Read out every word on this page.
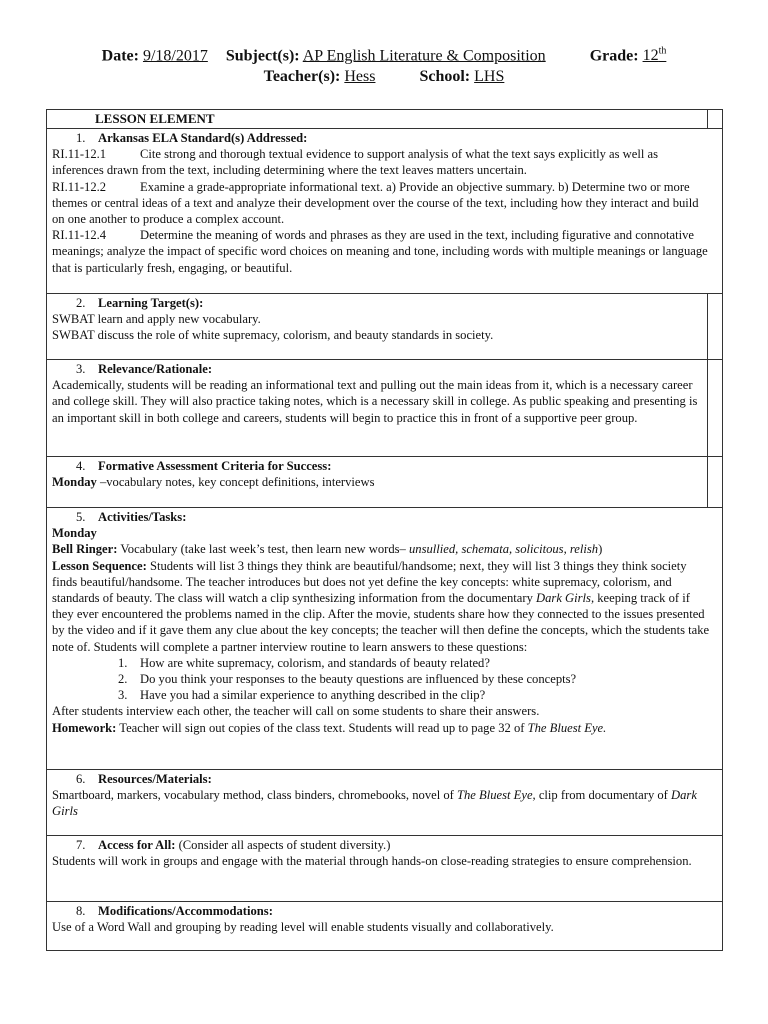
Date: 9/18/2017 Subject(s): AP English Literature & Composition	Grade: 12th
Teacher(s): Hess	School: LHS
LESSON ELEMENT
1. Arkansas ELA Standard(s) Addressed:
RI.11-12.1	Cite strong and thorough textual evidence to support analysis of what the text says explicitly as well as inferences drawn from the text, including determining where the text leaves matters uncertain.
RI.11-12.2	Examine a grade-appropriate informational text. a) Provide an objective summary. b) Determine two or more themes or central ideas of a text and analyze their development over the course of the text, including how they interact and build on one another to produce a complex account.
RI.11-12.4	Determine the meaning of words and phrases as they are used in the text, including figurative and connotative meanings; analyze the impact of specific word choices on meaning and tone, including words with multiple meanings or language that is particularly fresh, engaging, or beautiful.
2. Learning Target(s):
SWBAT learn and apply new vocabulary.
SWBAT discuss the role of white supremacy, colorism, and beauty standards in society.
3. Relevance/Rationale:
Academically, students will be reading an informational text and pulling out the main ideas from it, which is a necessary career and college skill. They will also practice taking notes, which is a necessary skill in college. As public speaking and presenting is an important skill in both college and careers, students will begin to practice this in front of a supportive peer group.
4. Formative Assessment Criteria for Success:
Monday –vocabulary notes, key concept definitions, interviews
5. Activities/Tasks:
Monday
Bell Ringer: Vocabulary (take last week’s test, then learn new words– unsullied, schemata, solicitous, relish)
Lesson Sequence: Students will list 3 things they think are beautiful/handsome; next, they will list 3 things they think society finds beautiful/handsome. The teacher introduces but does not yet define the key concepts: white supremacy, colorism, and standards of beauty. The class will watch a clip synthesizing information from the documentary Dark Girls, keeping track of if they ever encountered the problems named in the clip. After the movie, students share how they connected to the issues presented by the video and if it gave them any clue about the key concepts; the teacher will then define the concepts, which the students take note of. Students will complete a partner interview routine to learn answers to these questions:
1. How are white supremacy, colorism, and standards of beauty related?
2. Do you think your responses to the beauty questions are influenced by these concepts?
3. Have you had a similar experience to anything described in the clip?
After students interview each other, the teacher will call on some students to share their answers.
Homework: Teacher will sign out copies of the class text. Students will read up to page 32 of The Bluest Eye.
6. Resources/Materials:
Smartboard, markers, vocabulary method, class binders, chromebooks, novel of The Bluest Eye, clip from documentary of Dark Girls
7. Access for All: (Consider all aspects of student diversity.)
Students will work in groups and engage with the material through hands-on close-reading strategies to ensure comprehension.
8. Modifications/Accommodations:
Use of a Word Wall and grouping by reading level will enable students visually and collaboratively.
